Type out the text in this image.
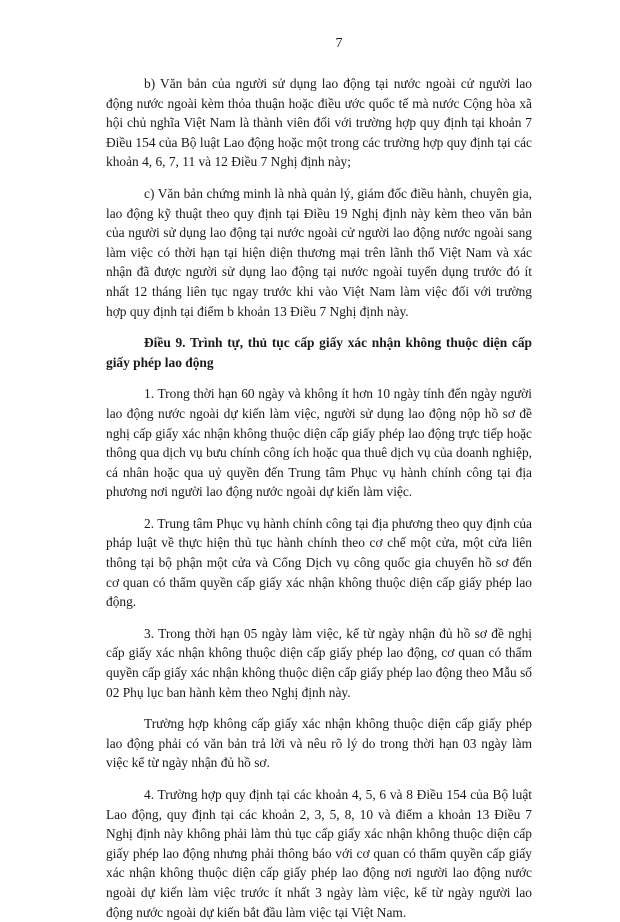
7

b) Văn bản của người sử dụng lao động tại nước ngoài cử người lao động nước ngoài kèm thỏa thuận hoặc điều ước quốc tế mà nước Cộng hòa xã hội chủ nghĩa Việt Nam là thành viên đối với trường hợp quy định tại khoản 7 Điều 154 của Bộ luật Lao động hoặc một trong các trường hợp quy định tại các khoản 4, 6, 7, 11 và 12 Điều 7 Nghị định này;

c) Văn bản chứng minh là nhà quản lý, giám đốc điều hành, chuyên gia, lao động kỹ thuật theo quy định tại Điều 19 Nghị định này kèm theo văn bản của người sử dụng lao động tại nước ngoài cử người lao động nước ngoài sang làm việc có thời hạn tại hiện diện thương mại trên lãnh thổ Việt Nam và xác nhận đã được người sử dụng lao động tại nước ngoài tuyển dụng trước đó ít nhất 12 tháng liên tục ngay trước khi vào Việt Nam làm việc đối với trường hợp quy định tại điểm b khoản 13 Điều 7 Nghị định này.

Điều 9. Trình tự, thủ tục cấp giấy xác nhận không thuộc diện cấp giấy phép lao động

1. Trong thời hạn 60 ngày và không ít hơn 10 ngày tính đến ngày người lao động nước ngoài dự kiến làm việc, người sử dụng lao động nộp hồ sơ đề nghị cấp giấy xác nhận không thuộc diện cấp giấy phép lao động trực tiếp hoặc thông qua dịch vụ bưu chính công ích hoặc qua thuê dịch vụ của doanh nghiệp, cá nhân hoặc qua uỷ quyền đến Trung tâm Phục vụ hành chính công tại địa phương nơi người lao động nước ngoài dự kiến làm việc.

2. Trung tâm Phục vụ hành chính công tại địa phương theo quy định của pháp luật về thực hiện thủ tục hành chính theo cơ chế một cửa, một cửa liên thông tại bộ phận một cửa và Cổng Dịch vụ công quốc gia chuyển hồ sơ đến cơ quan có thẩm quyền cấp giấy xác nhận không thuộc diện cấp giấy phép lao động.

3. Trong thời hạn 05 ngày làm việc, kể từ ngày nhận đủ hồ sơ đề nghị cấp giấy xác nhận không thuộc diện cấp giấy phép lao động, cơ quan có thẩm quyền cấp giấy xác nhận không thuộc diện cấp giấy phép lao động theo Mẫu số 02 Phụ lục ban hành kèm theo Nghị định này.

Trường hợp không cấp giấy xác nhận không thuộc diện cấp giấy phép lao động phải có văn bản trả lời và nêu rõ lý do trong thời hạn 03 ngày làm việc kể từ ngày nhận đủ hồ sơ.

4. Trường hợp quy định tại các khoản 4, 5, 6 và 8 Điều 154 của Bộ luật Lao động, quy định tại các khoản 2, 3, 5, 8, 10 và điểm a khoản 13 Điều 7 Nghị định này không phải làm thủ tục cấp giấy xác nhận không thuộc diện cấp giấy phép lao động nhưng phải thông báo với cơ quan có thẩm quyền cấp giấy xác nhận không thuộc diện cấp giấy phép lao động nơi người lao động nước ngoài dự kiến làm việc trước ít nhất 3 ngày làm việc, kể từ ngày người lao động nước ngoài dự kiến bắt đầu làm việc tại Việt Nam.
